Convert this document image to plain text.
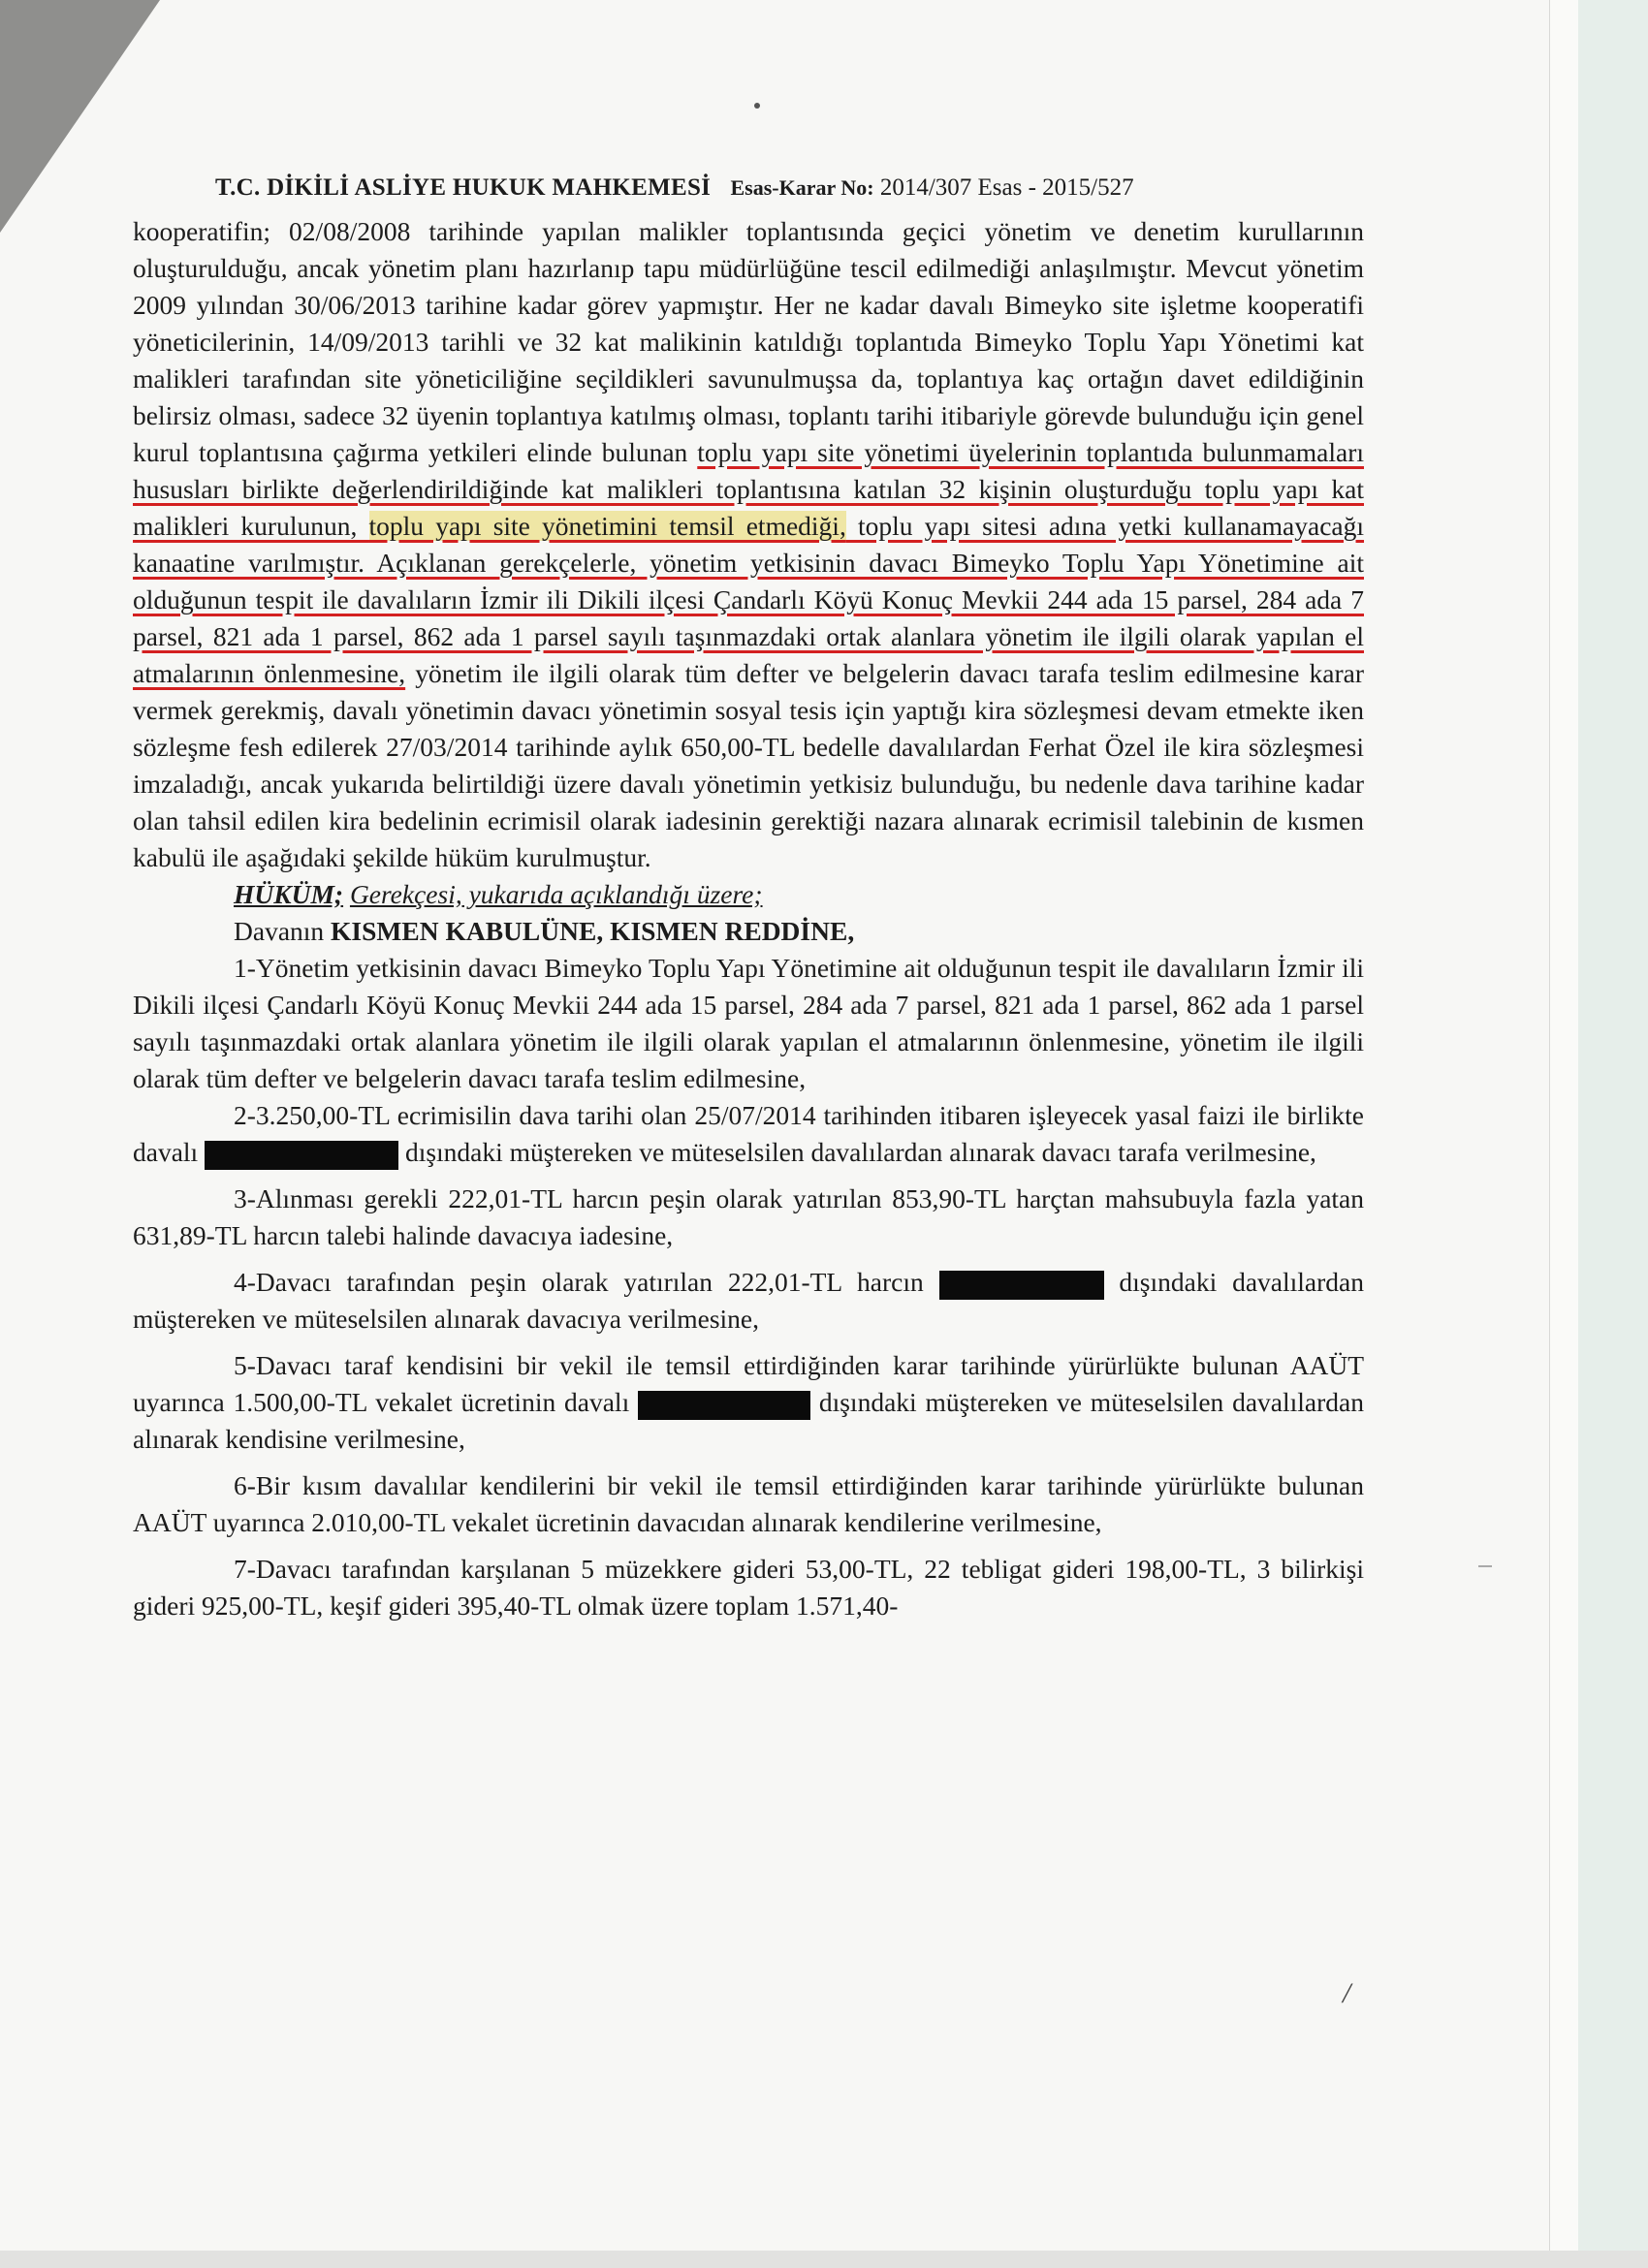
T.C. DİKİLİ ASLİYE HUKUK MAHKEMESİ Esas-Karar No: 2014/307 Esas - 2015/527

kooperatifin; 02/08/2008 tarihinde yapılan malikler toplantısında geçici yönetim ve denetim kurullarının oluşturulduğu, ancak yönetim planı hazırlanıp tapu müdürlüğüne tescil edilmediği anlaşılmıştır. Mevcut yönetim 2009 yılından 30/06/2013 tarihine kadar görev yapmıştır. Her ne kadar davalı Bimeyko site işletme kooperatifi yöneticilerinin, 14/09/2013 tarihli ve 32 kat malikinin katıldığı toplantıda Bimeyko Toplu Yapı Yönetimi kat malikleri tarafından site yöneticiliğine seçildikleri savunulmuşsa da, toplantıya kaç ortağın davet edildiğinin belirsiz olması, sadece 32 üyenin toplantıya katılmış olması, toplantı tarihi itibariyle görevde bulunduğu için genel kurul toplantısına çağırma yetkileri elinde bulunan toplu yapı site yönetimi üyelerinin toplantıda bulunmamaları hususları birlikte değerlendirildiğinde kat malikleri toplantısına katılan 32 kişinin oluşturduğu toplu yapı kat malikleri kurulunun, toplu yapı site yönetimini temsil etmediği, toplu yapı sitesi adına yetki kullanamayacağı kanaatine varılmıştır. Açıklanan gerekçelerle, yönetim yetkisinin davacı Bimeyko Toplu Yapı Yönetimine ait olduğunun tespit ile davalıların İzmir ili Dikili ilçesi Çandarlı Köyü Konuç Mevkii 244 ada 15 parsel, 284 ada 7 parsel, 821 ada 1 parsel, 862 ada 1 parsel sayılı taşınmazdaki ortak alanlara yönetim ile ilgili olarak yapılan el atmalarının önlenmesine, yönetim ile ilgili olarak tüm defter ve belgelerin davacı tarafa teslim edilmesine karar vermek gerekmiş, davalı yönetimin davacı yönetimin sosyal tesis için yaptığı kira sözleşmesi devam etmekte iken sözleşme fesh edilerek 27/03/2014 tarihinde aylık 650,00-TL bedelle davalılardan Ferhat Özel ile kira sözleşmesi imzaladığı, ancak yukarıda belirtildiği üzere davalı yönetimin yetkisiz bulunduğu, bu nedenle dava tarihine kadar olan tahsil edilen kira bedelinin ecrimisil olarak iadesinin gerektiği nazara alınarak ecrimisil talebinin de kısmen kabulü ile aşağıdaki şekilde hüküm kurulmuştur.

HÜKÜM; Gerekçesi, yukarıda açıklandığı üzere;

Davanın KISMEN KABULÜNE, KISMEN REDDİNE,

1-Yönetim yetkisinin davacı Bimeyko Toplu Yapı Yönetimine ait olduğunun tespit ile davalıların İzmir ili Dikili ilçesi Çandarlı Köyü Konuç Mevkii 244 ada 15 parsel, 284 ada 7 parsel, 821 ada 1 parsel, 862 ada 1 parsel sayılı taşınmazdaki ortak alanlara yönetim ile ilgili olarak yapılan el atmalarının önlenmesine, yönetim ile ilgili olarak tüm defter ve belgelerin davacı tarafa teslim edilmesine,

2-3.250,00-TL ecrimisilin dava tarihi olan 25/07/2014 tarihinden itibaren işleyecek yasal faizi ile birlikte davalı	dışındaki müştereken ve müteselsilen davalılardan alınarak davacı tarafa verilmesine,

3-Alınması gerekli 222,01-TL harcın peşin olarak yatırılan 853,90-TL harçtan mahsubuyla fazla yatan 631,89-TL harcın talebi halinde davacıya iadesine,

4-Davacı tarafından peşin olarak yatırılan 222,01-TL harcın	dışındaki davalılardan müştereken ve müteselsilen alınarak davacıya verilmesine,

5-Davacı taraf kendisini bir vekil ile temsil ettirdiğinden karar tarihinde yürürlükte bulunan AAÜT uyarınca 1.500,00-TL vekalet ücretinin davalı	dışındaki müştereken ve müteselsilen davalılardan alınarak kendisine verilmesine,

6-Bir kısım davalılar kendilerini bir vekil ile temsil ettirdiğinden karar tarihinde yürürlükte bulunan AAÜT uyarınca 2.010,00-TL vekalet ücretinin davacıdan alınarak kendilerine verilmesine,

7-Davacı tarafından karşılanan 5 müzekkere gideri 53,00-TL, 22 tebligat gideri 198,00-TL, 3 bilirkişi gideri 925,00-TL, keşif gideri 395,40-TL olmak üzere toplam 1.571,40-

/
